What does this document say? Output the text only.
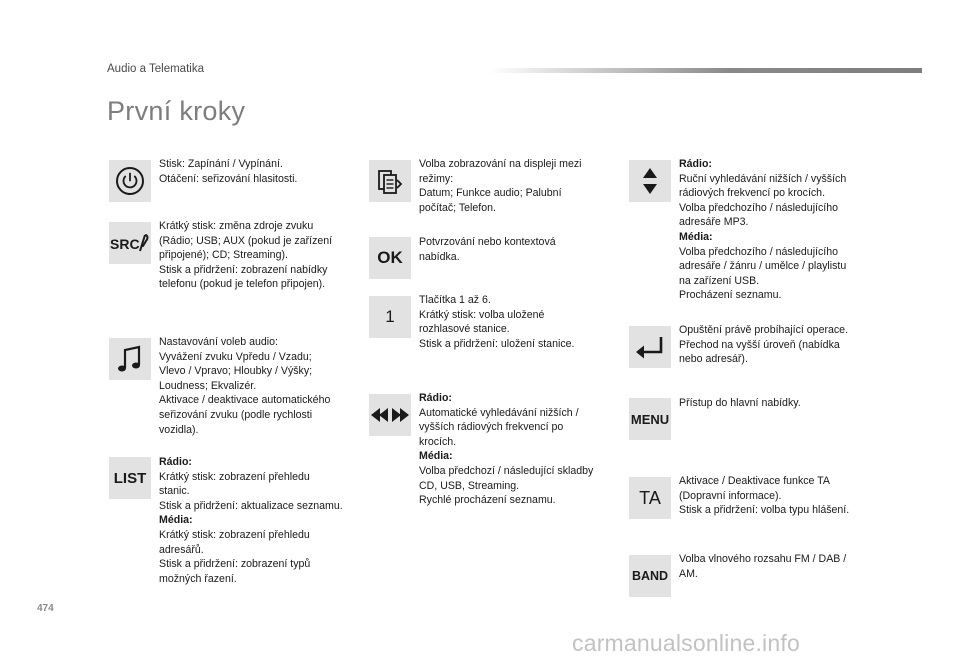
Audio a Telematika
První kroky
Stisk: Zapínání / Vypínání.
Otáčení: seřizování hlasitosti.
SRC
Krátký stisk: změna zdroje zvuku
(Rádio; USB; AUX (pokud je zařízení
připojené); CD; Streaming).
Stisk a přidržení: zobrazení nabídky
telefonu (pokud je telefon připojen).
Nastavování voleb audio:
Vyvážení zvuku Vpředu / Vzadu;
Vlevo / Vpravo; Hloubky / Výšky;
Loudness; Ekvalizér.
Aktivace / deaktivace automatického
seřizování zvuku (podle rychlosti
vozidla).
LIST
Rádio:
Krátký stisk: zobrazení přehledu
stanic.
Stisk a přidržení: aktualizace seznamu.
Média:
Krátký stisk: zobrazení přehledu
adresářů.
Stisk a přidržení: zobrazení typů
možných řazení.
Volba zobrazování na displeji mezi
režimy:
Datum; Funkce audio; Palubní
počítač; Telefon.
OK
Potvrzování nebo kontextová
nabídka.
1
Tlačítka 1 až 6.
Krátký stisk: volba uložené
rozhlasové stanice.
Stisk a přidržení: uložení stanice.
Rádio:
Automatické vyhledávání nižších /
vyšších rádiových frekvencí po
krocích.
Média:
Volba předchozí / následující skladby
CD, USB, Streaming.
Rychlé procházení seznamu.
Rádio:
Ruční vyhledávání nižších / vyšších
rádiových frekvencí po krocích.
Volba předchozího / následujícího
adresáře MP3.
Média:
Volba předchozího / následujícího
adresáře / žánru / umělce / playlistu
na zařízení USB.
Procházení seznamu.
Opuštění právě probíhající operace.
Přechod na vyšší úroveň (nabídka
nebo adresář).
MENU
Přístup do hlavní nabídky.
TA
Aktivace / Deaktivace funkce TA
(Dopravní informace).
Stisk a přidržení: volba typu hlášení.
BAND
Volba vlnového rozsahu FM / DAB /
AM.
474
carmanualsonline.info
